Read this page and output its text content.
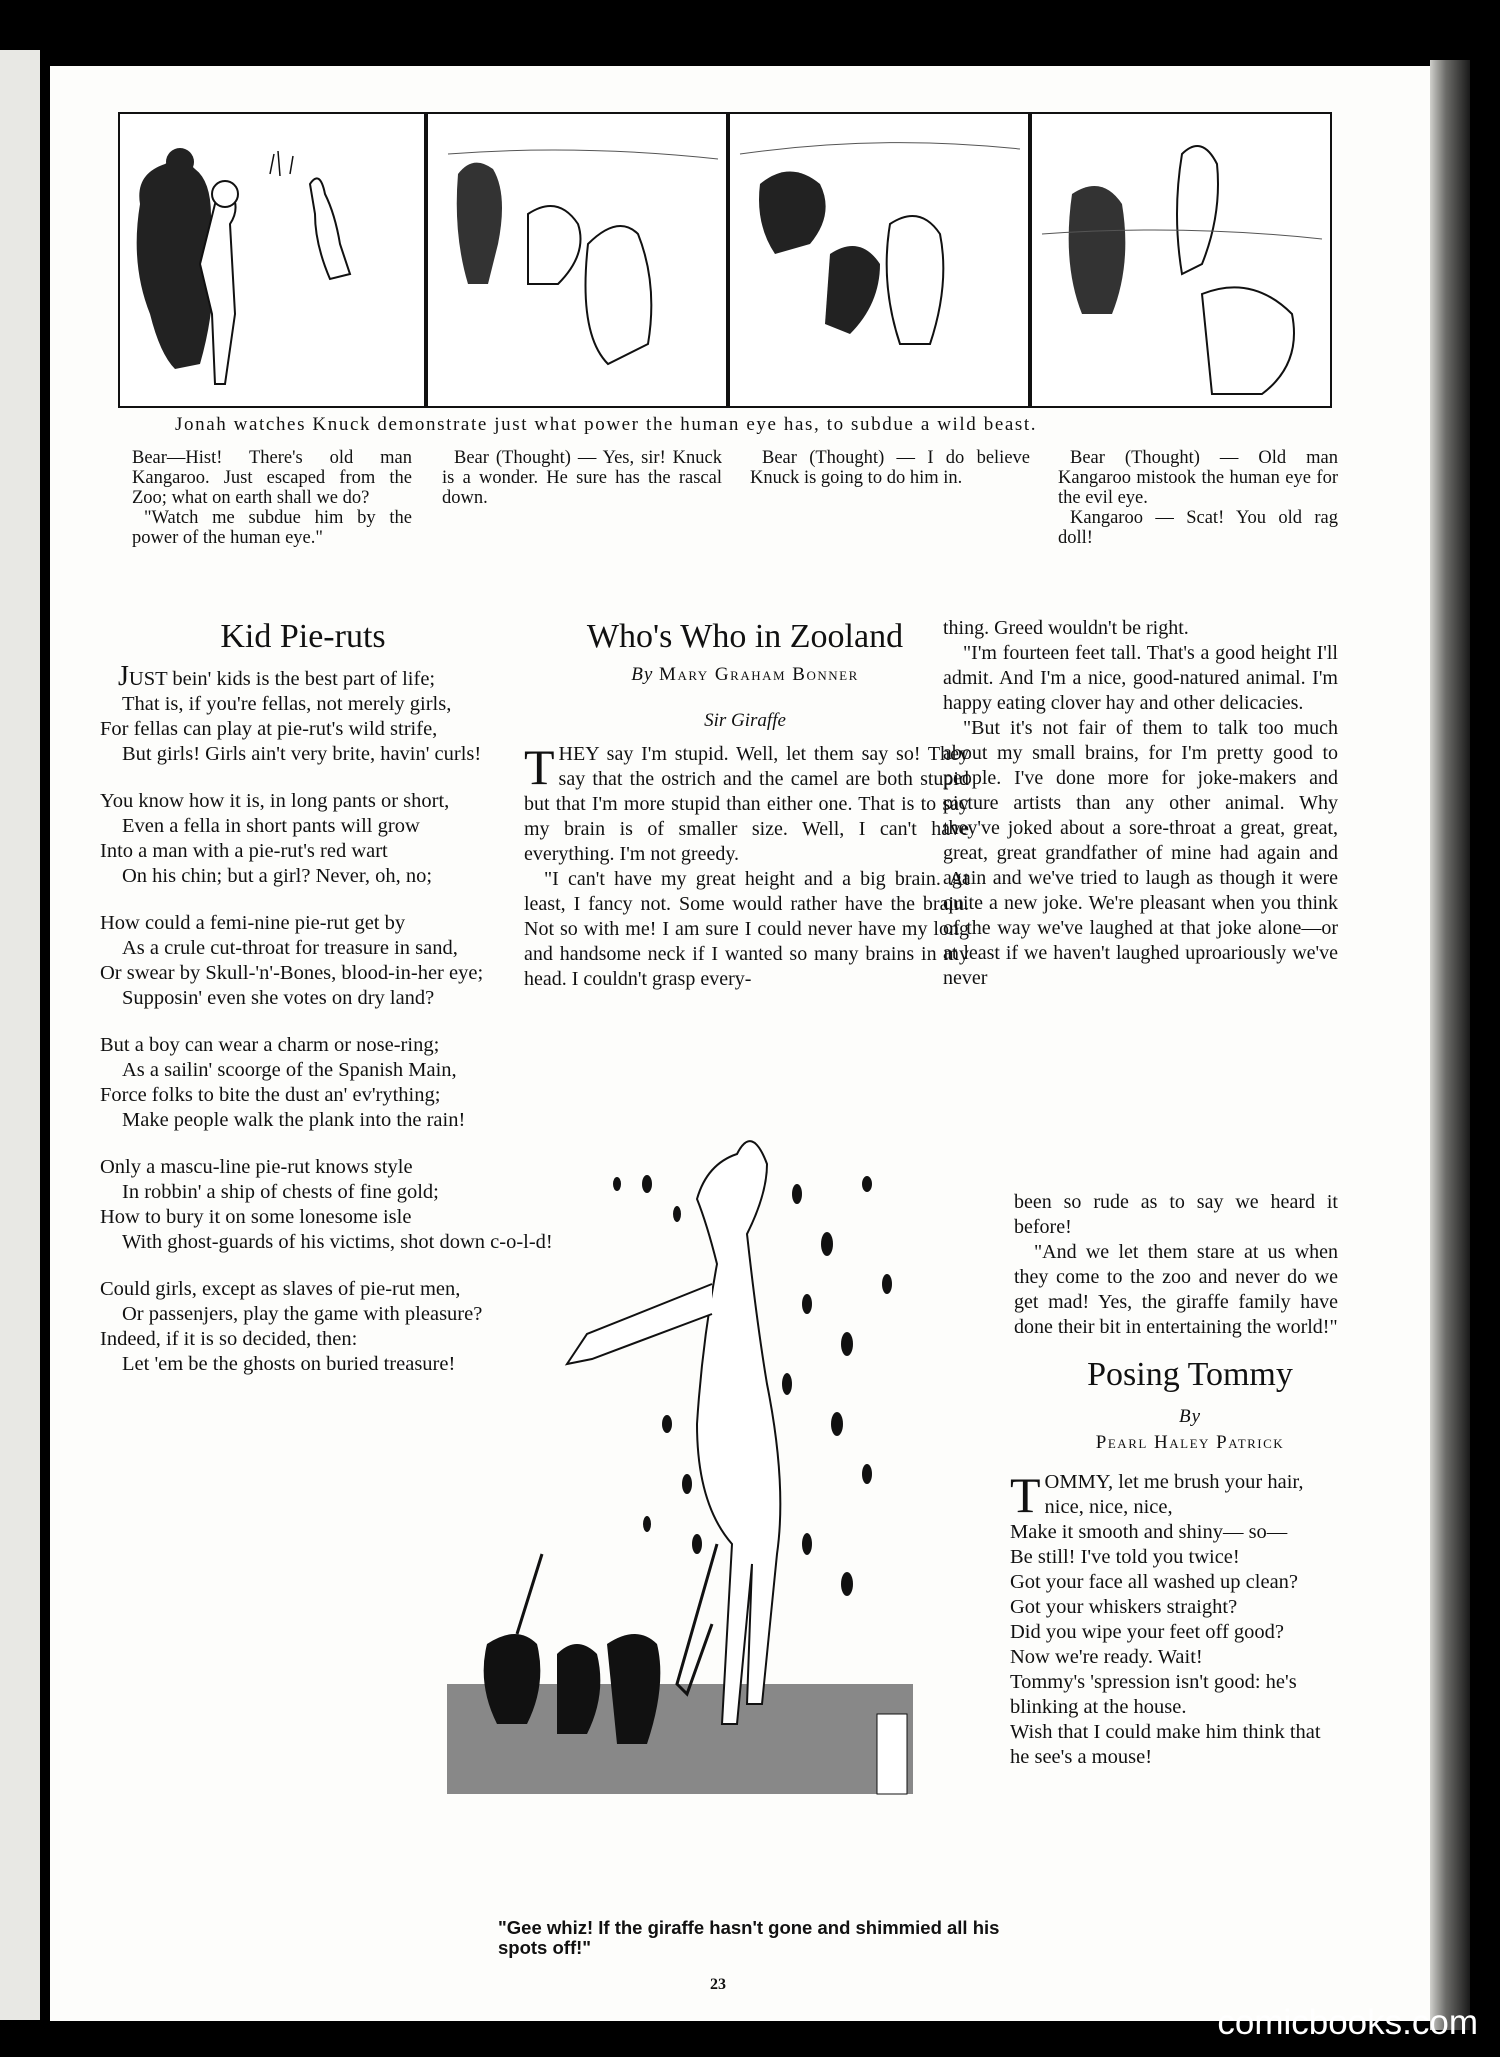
Jonah watches Knuck demonstrate just what power the human eye has, to subdue a wild beast.

Bear—Hist! There's old man Kangaroo. Just escaped from the Zoo; what on earth shall we do?

"Watch me subdue him by the power of the human eye."

Bear (Thought) — Yes, sir! Knuck is a wonder. He sure has the rascal down.

Bear (Thought) — I do believe Knuck is going to do him in.

Bear (Thought) — Old man Kangaroo mistook the human eye for the evil eye.

Kangaroo — Scat! You old rag doll!

Kid Pie-ruts

JUST bein' kids is the best part of life;

That is, if you're fellas, not merely girls,

For fellas can play at pie-rut's wild strife,

But girls! Girls ain't very brite, havin' curls!

You know how it is, in long pants or short,

Even a fella in short pants will grow

Into a man with a pie-rut's red wart

On his chin; but a girl? Never, oh, no;

How could a femi-nine pie-rut get by

As a crule cut-throat for treasure in sand,

Or swear by Skull-'n'-Bones, blood-in-her eye;

Supposin' even she votes on dry land?

But a boy can wear a charm or nose-ring;

As a sailin' scoorge of the Spanish Main,

Force folks to bite the dust an' ev'rything;

Make people walk the plank into the rain!

Only a mascu-line pie-rut knows style

In robbin' a ship of chests of fine gold;

How to bury it on some lonesome isle

With ghost-guards of his victims, shot down c-o-l-d!

Could girls, except as slaves of pie-rut men,

Or passenjers, play the game with pleasure?

Indeed, if it is so decided, then:

Let 'em be the ghosts on buried treasure!

Who's Who in Zooland
By Mary Graham Bonner
Sir Giraffe

THEY say I'm stupid. Well, let them say so! They say that the ostrich and the camel are both stupid but that I'm more stupid than either one. That is to say my brain is of smaller size. Well, I can't have everything. I'm not greedy.

"I can't have my great height and a big brain. At least, I fancy not. Some would rather have the brain. Not so with me! I am sure I could never have my long and handsome neck if I wanted so many brains in my head. I couldn't grasp every-

thing. Greed wouldn't be right.

"I'm fourteen feet tall. That's a good height I'll admit. And I'm a nice, good-natured animal. I'm happy eating clover hay and other delicacies.

"But it's not fair of them to talk too much about my small brains, for I'm pretty good to people. I've done more for joke-makers and picture artists than any other animal. Why they've joked about a sore-throat a great, great, great, great grandfather of mine had again and again and we've tried to laugh as though it were quite a new joke. We're pleasant when you think of the way we've laughed at that joke alone—or at least if we haven't laughed uproariously we've never

been so rude as to say we heard it before!

"And we let them stare at us when they come to the zoo and never do we get mad! Yes, the giraffe family have done their bit in entertaining the world!"

"Gee whiz! If the giraffe hasn't gone and shimmied all his spots off!"
Posing Tommy
By
Pearl Haley Patrick

TOMMY, let me brush your hair, nice, nice, nice,

Make it smooth and shiny— so—

Be still! I've told you twice!

Got your face all washed up clean?

Got your whiskers straight?

Did you wipe your feet off good?

Now we're ready. Wait!

Tommy's 'spression isn't good: he's blinking at the house.

Wish that I could make him think that he see's a mouse!

23
comicbooks.com
